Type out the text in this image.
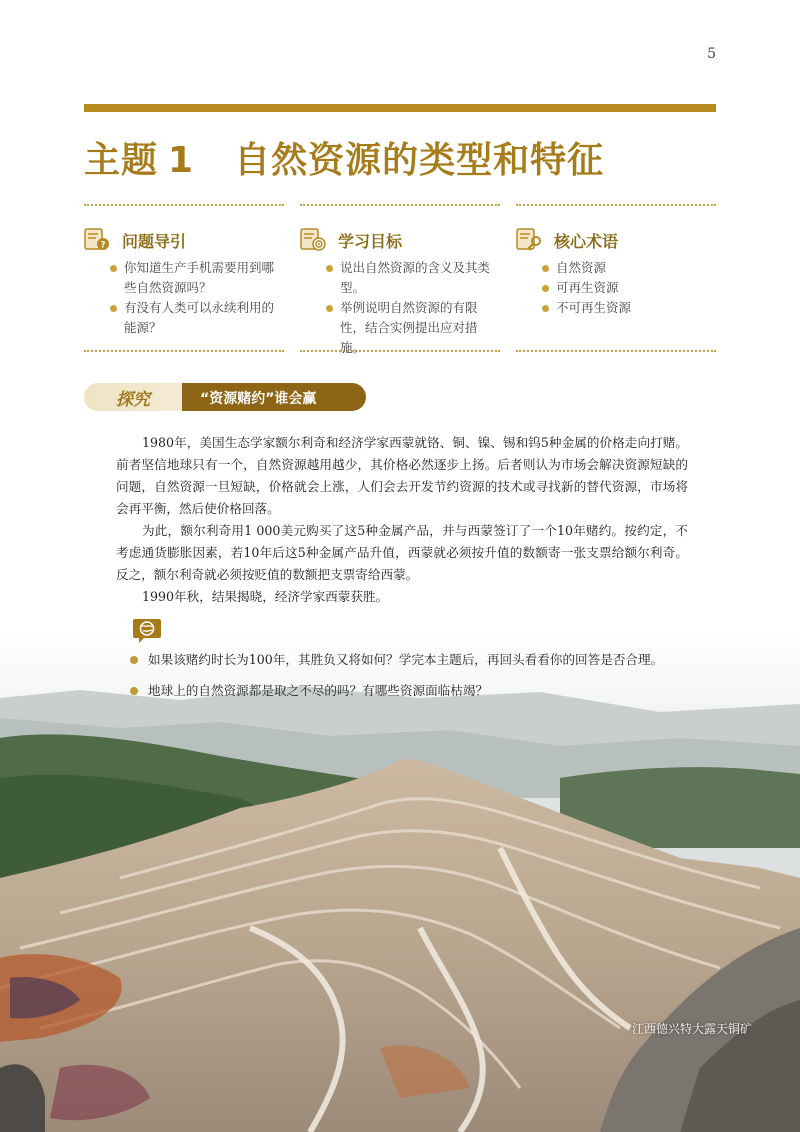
5
主题 1 自然资源的类型和特征
? 问题导引
你知道生产手机需要用到哪些自然资源吗？
有没有人类可以永续利用的能源？
学习目标
说出自然资源的含义及其类型。
举例说明自然资源的有限性，结合实例提出应对措施。
核心术语
自然资源
可再生资源
不可再生资源
“资源赌约”谁会赢
探究

1980年，美国生态学家额尔利奇和经济学家西蒙就铬、铜、镍、锡和钨5种金属的价格走向打赌。前者坚信地球只有一个，自然资源越用越少，其价格必然逐步上扬。后者则认为市场会解决资源短缺的问题，自然资源一旦短缺，价格就会上涨，人们会去开发节约资源的技术或寻找新的替代资源，市场将会再平衡，然后使价格回落。

为此，额尔利奇用1 000美元购买了这5种金属产品，并与西蒙签订了一个10年赌约。按约定，不考虑通货膨胀因素，若10年后这5种金属产品升值，西蒙就必须按升值的数额寄一张支票给额尔利奇。反之，额尔利奇就必须按贬值的数额把支票寄给西蒙。

1990年秋，结果揭晓，经济学家西蒙获胜。

江西德兴特大露天铜矿
如果该赌约时长为100年，其胜负又将如何？学完本主题后，再回头看看你的回答是否合理。
地球上的自然资源都是取之不尽的吗？有哪些资源面临枯竭？
